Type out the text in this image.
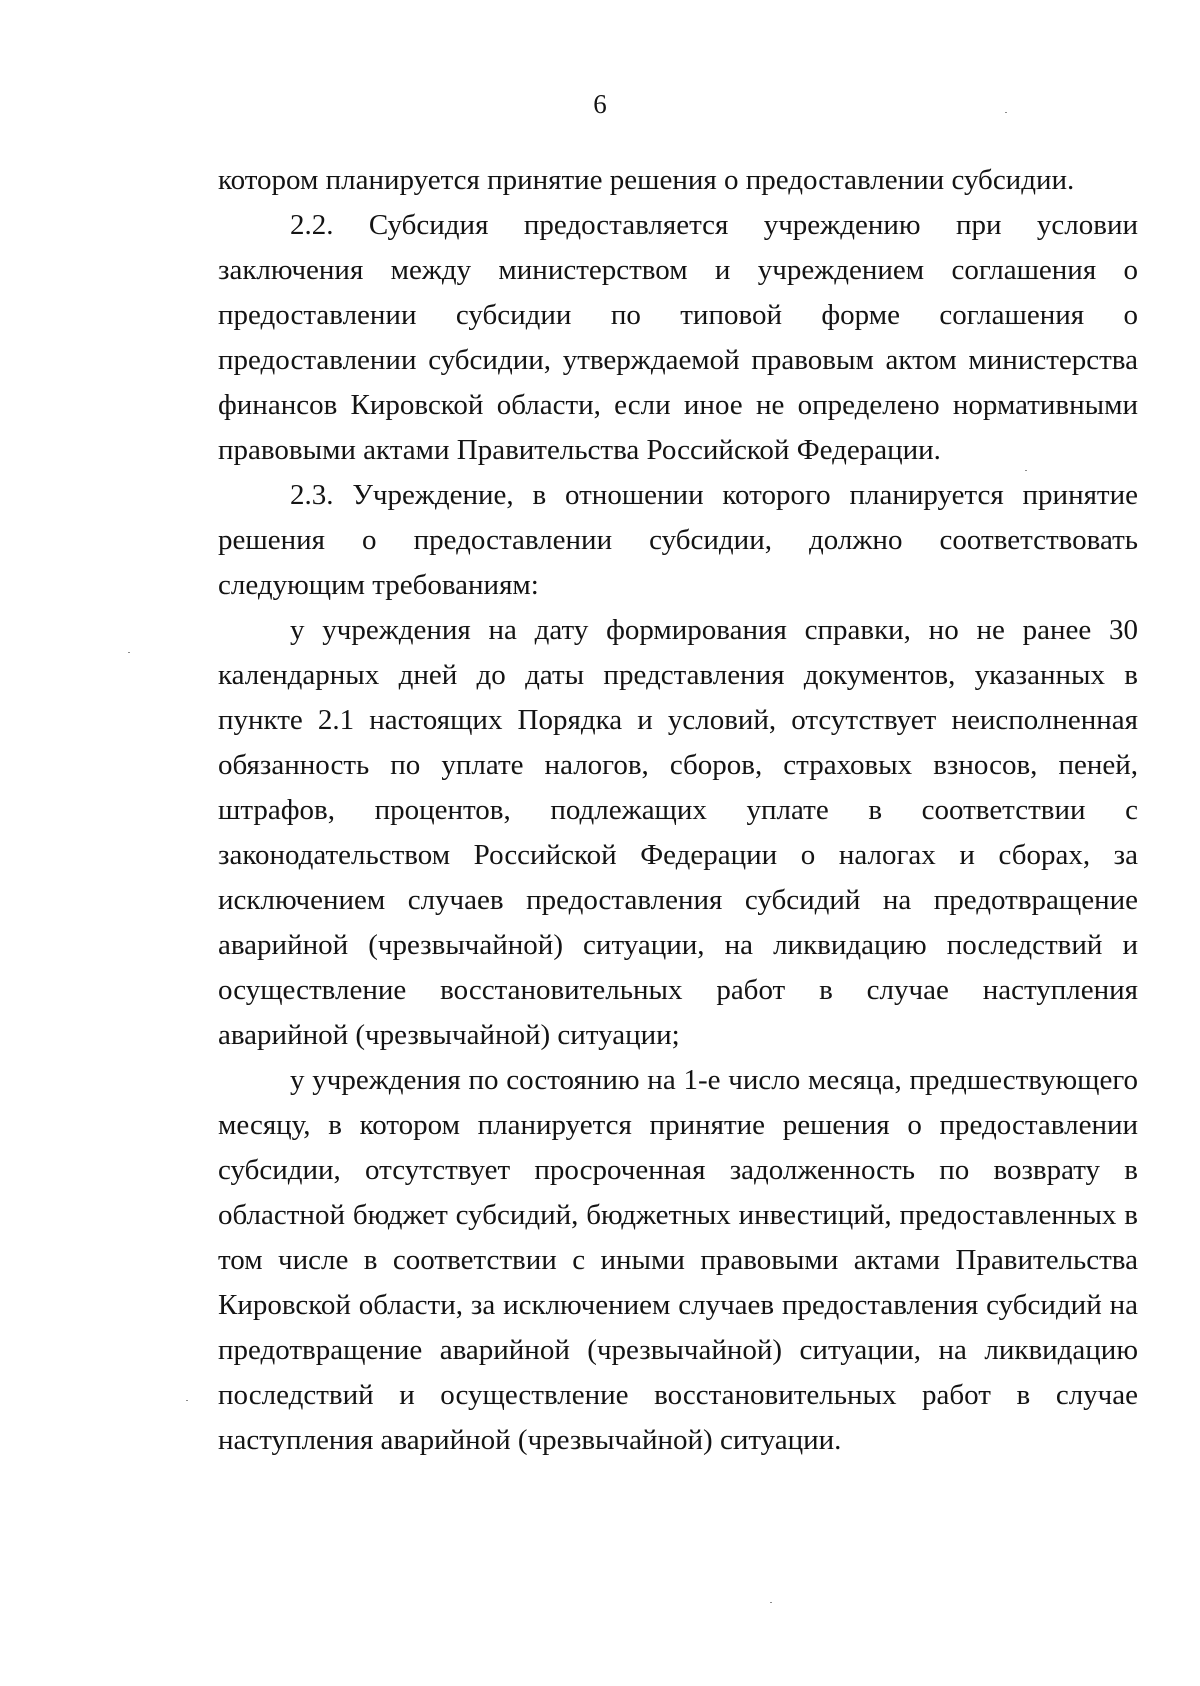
6

котором планируется принятие решения о предоставлении субсидии.

2.2. Субсидия предоставляется учреждению при условии заключения между министерством и учреждением соглашения о предоставлении субсидии по типовой форме соглашения о предоставлении субсидии, утверждаемой правовым актом министерства финансов Кировской области, если иное не определено нормативными правовыми актами Правительства Российской Федерации.

2.3. Учреждение, в отношении которого планируется принятие решения о предоставлении субсидии, должно соответствовать следующим требованиям:

у учреждения на дату формирования справки, но не ранее 30 календарных дней до даты представления документов, указанных в пункте 2.1 настоящих Порядка и условий, отсутствует неисполненная обязанность по уплате налогов, сборов, страховых взносов, пеней, штрафов, процентов, подлежащих уплате в соответствии с законодательством Российской Федерации о налогах и сборах, за исключением случаев предоставления субсидий на предотвращение аварийной (чрезвычайной) ситуации, на ликвидацию последствий и осуществление восстановительных работ в случае наступления аварийной (чрезвычайной) ситуации;

у учреждения по состоянию на 1-е число месяца, предшествующего месяцу, в котором планируется принятие решения о предоставлении субсидии, отсутствует просроченная задолженность по возврату в областной бюджет субсидий, бюджетных инвестиций, предоставленных в том числе в соответствии с иными правовыми актами Правительства Кировской области, за исключением случаев предоставления субсидий на предотвращение аварийной (чрезвычайной) ситуации, на ликвидацию последствий и осуществление восстановительных работ в случае наступления аварийной (чрезвычайной) ситуации.
